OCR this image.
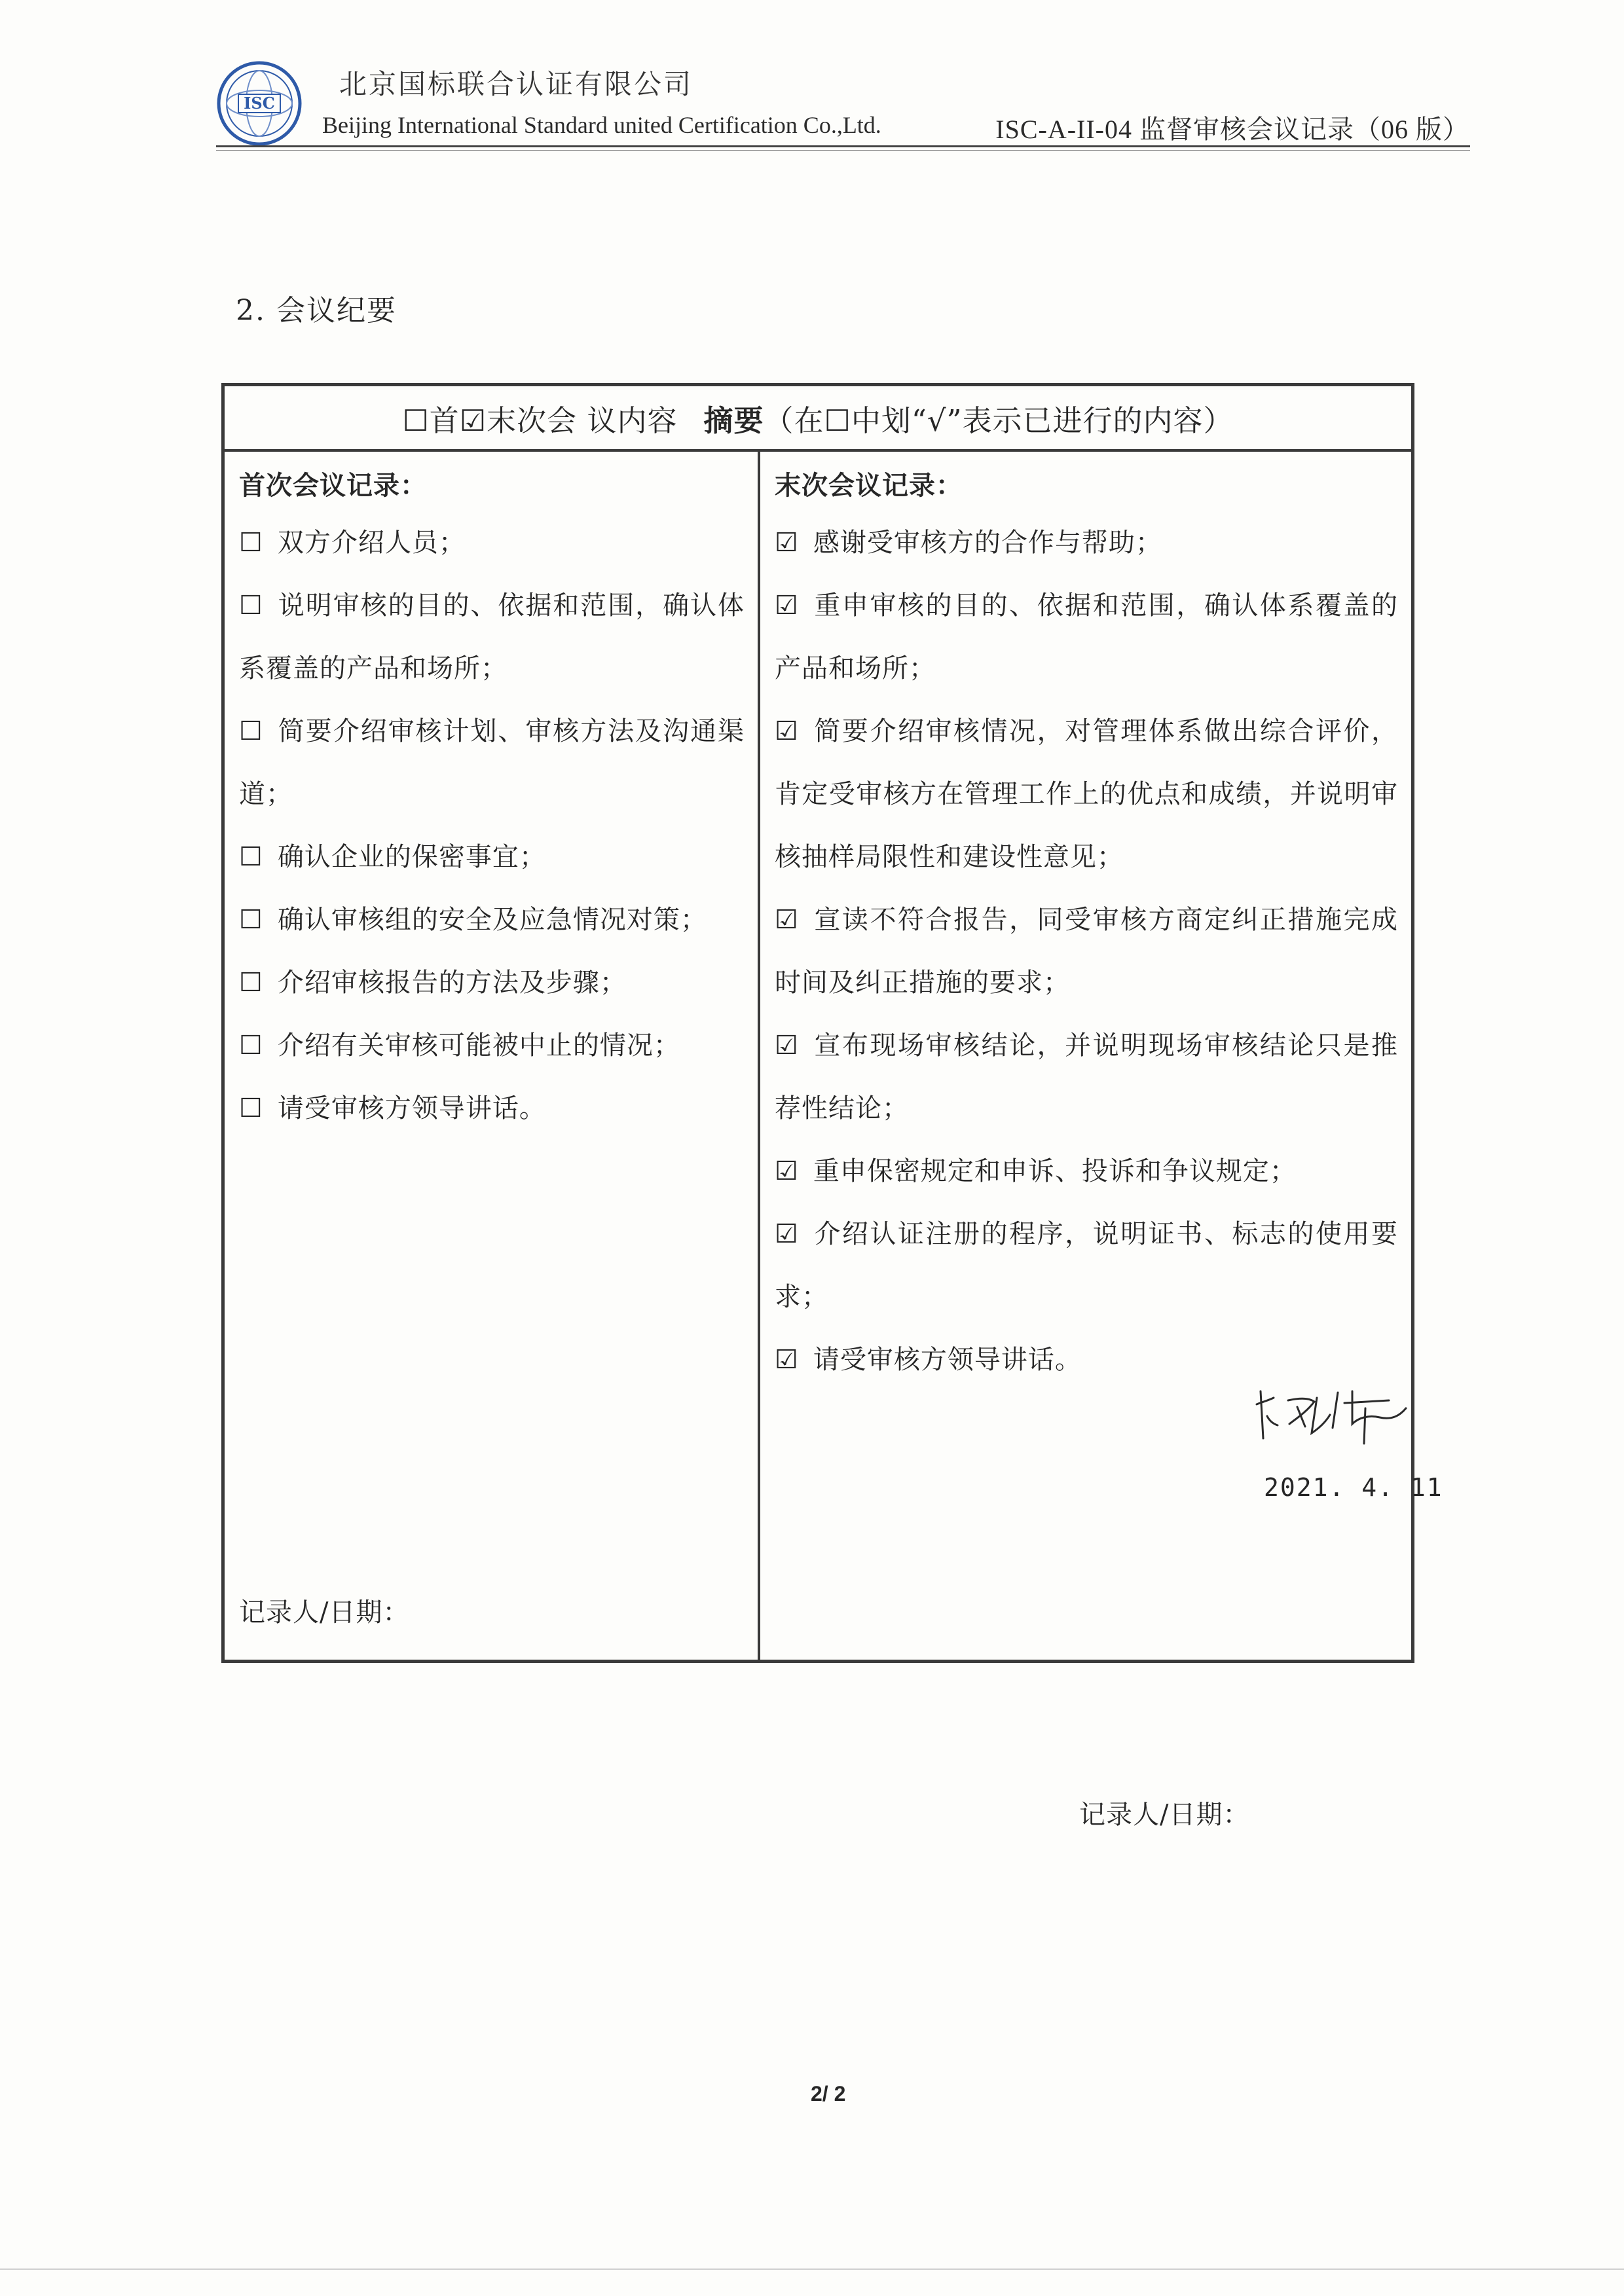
ISC
北京国标联合认证有限公司
Beijing International Standard united Certification Co.,Ltd.	ISC-A-II-04 监督审核会议记录（06 版）
2. 会议纪要
☐首☑末次会 议内容 摘要 （在☐中划“√”表示已进行的内容）
首次会议记录：
☐ 双方介绍人员；
☐ 说明审核的目的、依据和范围，确认体系覆盖的产品和场所；
☐ 简要介绍审核计划、审核方法及沟通渠道；
☐ 确认企业的保密事宜；
☐ 确认审核组的安全及应急情况对策；
☐ 介绍审核报告的方法及步骤；
☐ 介绍有关审核可能被中止的情况；
☐ 请受审核方领导讲话。
记录人/日期：
末次会议记录：
☑ 感谢受审核方的合作与帮助；
☑ 重申审核的目的、依据和范围，确认体系覆盖的产品和场所；
☑ 简要介绍审核情况，对管理体系做出综合评价，肯定受审核方在管理工作上的优点和成绩，并说明审核抽样局限性和建设性意见；
☑ 宣读不符合报告，同受审核方商定纠正措施完成时间及纠正措施的要求；
☑ 宣布现场审核结论，并说明现场审核结论只是推荐性结论；
☑ 重申保密规定和申诉、投诉和争议规定；
☑ 介绍认证注册的程序，说明证书、标志的使用要求；
☑ 请受审核方领导讲话。
记录人/日期：
2021. 4. 11
2/ 2
